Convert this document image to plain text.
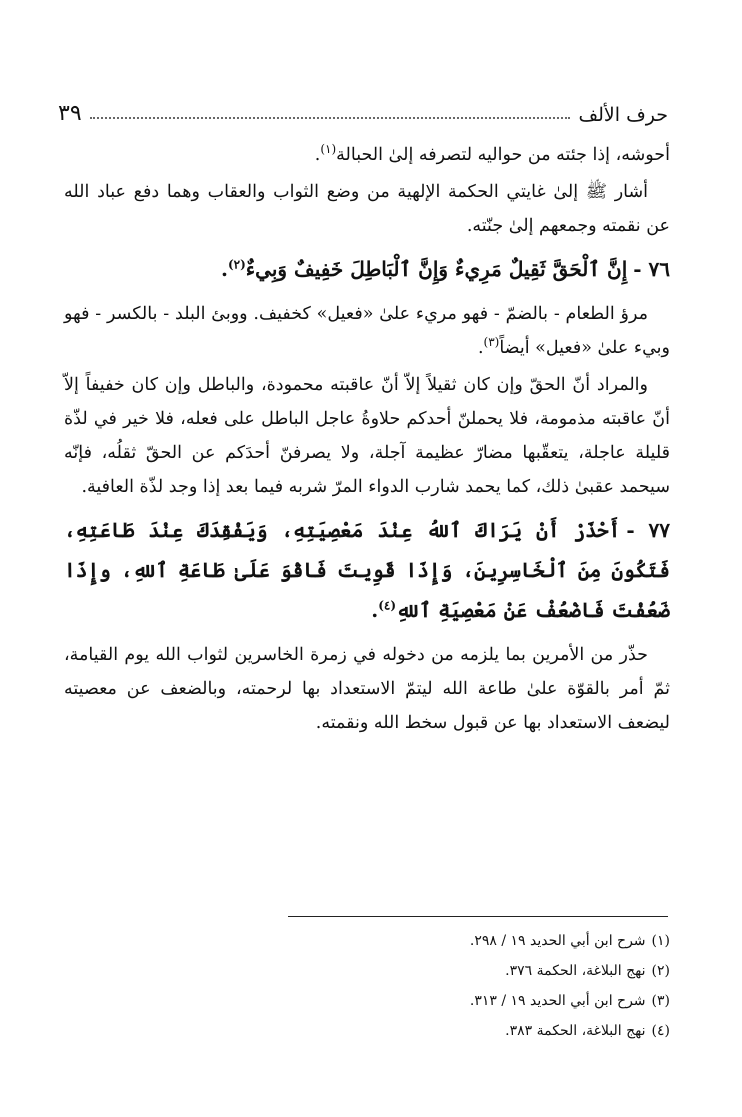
حرف الألف
٣٩

أحوشه، إذا جئته من حواليه لتصرفه إلىٰ الحبالة$^{(١)}$.

أشار ﷺ إلىٰ غايتي الحكمة الإلهية من وضع الثواب والعقاب وهما دفع عباد الله عن نقمته وجمعهم إلىٰ جنّته.

٧٦ -إِنَّ ٱلْحَقَّ ثَقِيلٌ مَرِيءٌ وَإِنَّ ٱلْبَاطِلَ خَفِيفٌ وَبِيءٌ$^{(٢)}$.

مرؤ الطعام - بالضمّ - فهو مريء علىٰ «فعيل» كخفيف. ووبئ البلد - بالكسر - فهو وبيء علىٰ «فعيل» أيضاً$^{(٣)}$.

والمراد أنّ الحقّ وإن كان ثقيلاً إلاّ أنّ عاقبته محمودة، والباطل وإن كان خفيفاً إلاّ أنّ عاقبته مذمومة، فلا يحملنّ أحدكم حلاوةُ عاجل الباطل على فعله، فلا خير في لذّة قليلة عاجلة، يتعقّبها مضارّ عظيمة آجلة، ولا يصرفنّ أحدَكم عن الحقّ ثقلُه، فإنّه سيحمد عقبىٰ ذلك، كما يحمد شارب الدواء المرّ شربه فيما بعد إذا وجد لذّة العافية.

٧٧ -أَحْذَرْ أَنْ يَرَاكَ ٱللهُ عِنْدَ مَعْصِيَتِهِ، وَيَفْقِدَكَ عِنْدَ طَاعَتِهِ، فَتَكُونَ مِنَ ٱلْخَاسِرِينَ، وَإِذَا قَوِيتَ فَاقْوَ عَلَىٰ طَاعَةِ ٱللهِ، وإِذَا ضَعُفْتَ فَاضْعُفْ عَنْ مَعْصِيَةِ ٱللهِ$^{(٤)}$.

حذّر من الأمرين بما يلزمه من دخوله في زمرة الخاسرين لثواب الله يوم القيامة، ثمّ أمر بالقوّة علىٰ طاعة الله ليتمّ الاستعداد بها لرحمته، وبالضعف عن معصيته ليضعف الاستعداد بها عن قبول سخط الله ونقمته.

(١)شرح ابن أبي الحديد ١٩ / ٢٩٨.
(٢)نهج البلاغة، الحكمة ٣٧٦.
(٣)شرح ابن أبي الحديد ١٩ / ٣١٣.
(٤)نهج البلاغة، الحكمة ٣٨٣.
